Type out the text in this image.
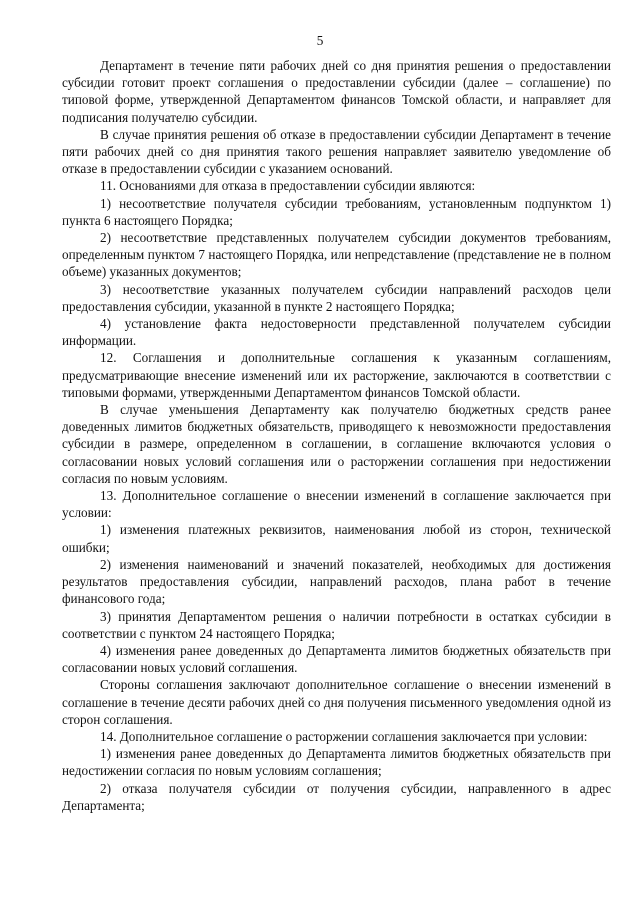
5

Департамент в течение пяти рабочих дней со дня принятия решения о предоставлении субсидии готовит проект соглашения о предоставлении субсидии (далее – соглашение) по типовой форме, утвержденной Департаментом финансов Томской области, и направляет для подписания получателю субсидии.

В случае принятия решения об отказе в предоставлении субсидии Департамент в течение пяти рабочих дней со дня принятия такого решения направляет заявителю уведомление об отказе в предоставлении субсидии с указанием оснований.

11. Основаниями для отказа в предоставлении субсидии являются:

1) несоответствие получателя субсидии требованиям, установленным подпунктом 1) пункта 6 настоящего Порядка;

2) несоответствие представленных получателем субсидии документов требованиям, определенным пунктом 7 настоящего Порядка, или непредставление (представление не в полном объеме) указанных документов;

3) несоответствие указанных получателем субсидии направлений расходов цели предоставления субсидии, указанной в пункте 2 настоящего Порядка;

4) установление факта недостоверности представленной получателем субсидии информации.

12. Соглашения и дополнительные соглашения к указанным соглашениям, предусматривающие внесение изменений или их расторжение, заключаются в соответствии с типовыми формами, утвержденными Департаментом финансов Томской области.

В случае уменьшения Департаменту как получателю бюджетных средств ранее доведенных лимитов бюджетных обязательств, приводящего к невозможности предоставления субсидии в размере, определенном в соглашении, в соглашение включаются условия о согласовании новых условий соглашения или о расторжении соглашения при недостижении согласия по новым условиям.

13. Дополнительное соглашение о внесении изменений в соглашение заключается при условии:

1) изменения платежных реквизитов, наименования любой из сторон, технической ошибки;

2) изменения наименований и значений показателей, необходимых для достижения результатов предоставления субсидии, направлений расходов, плана работ в течение финансового года;

3) принятия Департаментом решения о наличии потребности в остатках субсидии в соответствии с пунктом 24 настоящего Порядка;

4) изменения ранее доведенных до Департамента лимитов бюджетных обязательств при согласовании новых условий соглашения.

Стороны соглашения заключают дополнительное соглашение о внесении изменений в соглашение в течение десяти рабочих дней со дня получения письменного уведомления одной из сторон соглашения.

14. Дополнительное соглашение о расторжении соглашения заключается при условии:

1) изменения ранее доведенных до Департамента лимитов бюджетных обязательств при недостижении согласия по новым условиям соглашения;

2) отказа получателя субсидии от получения субсидии, направленного в адрес Департамента;
